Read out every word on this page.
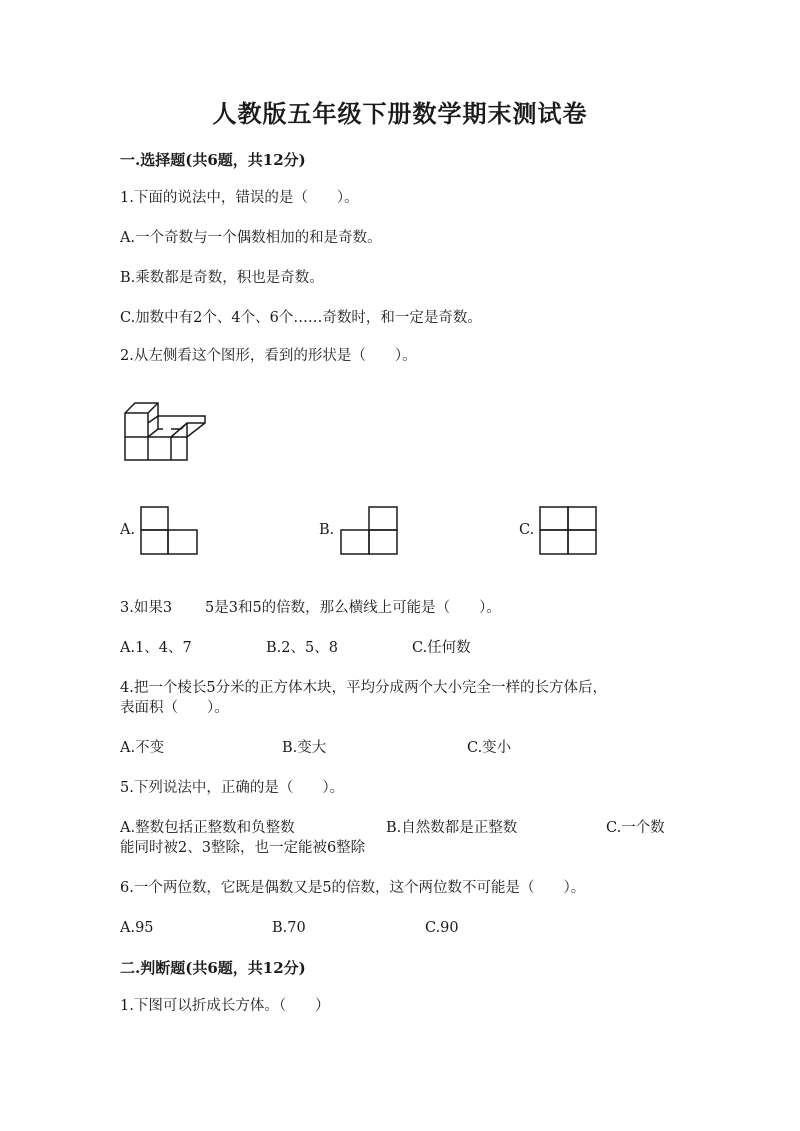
人教版五年级下册数学期末测试卷
一.选择题(共6题，共12分)
1.下面的说法中，错误的是（　　）。
A.一个奇数与一个偶数相加的和是奇数。
B.乘数都是奇数，积也是奇数。
C.加数中有2个、4个、6个……奇数时，和一定是奇数。
2.从左侧看这个图形，看到的形状是（　　）。
A.	B.	C.
3.如果3 5是3和5的倍数，那么横线上可能是（　　）。
A.1、4、7	B.2、5、8	C.任何数
4.把一个棱长5分米的正方体木块，平均分成两个大小完全一样的长方体后，
表面积（　　）。
A.不变	B.变大	C.变小
5.下列说法中，正确的是（　　）。
A.整数包括正整数和负整数	B.自然数都是正整数	C.一个数
能同时被2、3整除，也一定能被6整除
6.一个两位数，它既是偶数又是5的倍数，这个两位数不可能是（　　）。
A.95	B.70	C.90
二.判断题(共6题，共12分)
1.下图可以折成长方体。（　　）
